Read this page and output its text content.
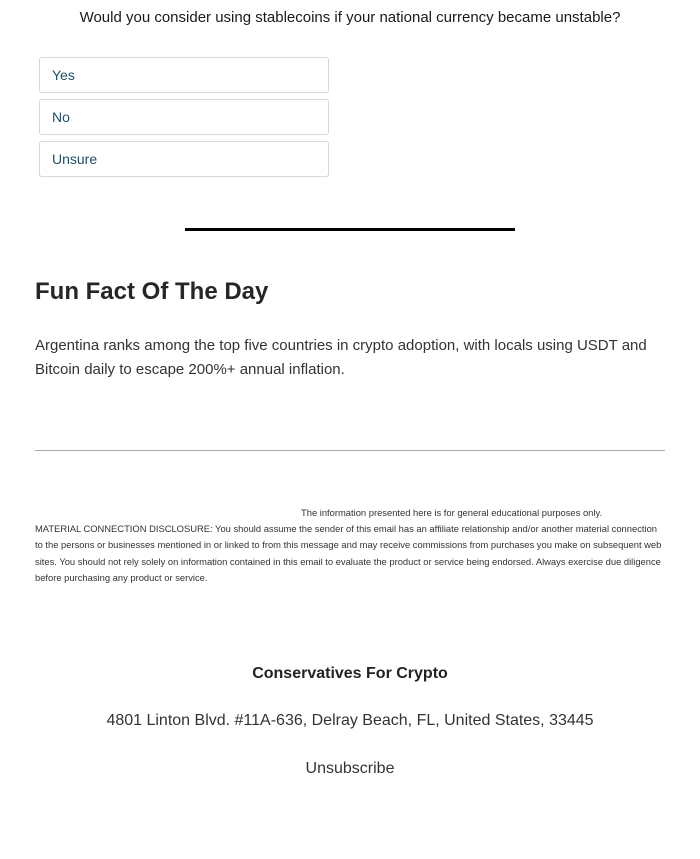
Would you consider using stablecoins if your national currency became unstable?
Yes
No
Unsure
Fun Fact Of The Day

Argentina ranks among the top five countries in crypto adoption, with locals using USDT and Bitcoin daily to escape 200%+ annual inflation.

The information presented here is for general educational purposes only.
MATERIAL CONNECTION DISCLOSURE: You should assume the sender of this email has an affiliate relationship and/or another material connection to the persons or businesses mentioned in or linked to from this message and may receive commissions from purchases you make on subsequent web sites. You should not rely solely on information contained in this email to evaluate the product or service being endorsed. Always exercise due diligence before purchasing any product or service.
Conservatives For Crypto
4801 Linton Blvd. #11A-636, Delray Beach, FL, United States, 33445
Unsubscribe
